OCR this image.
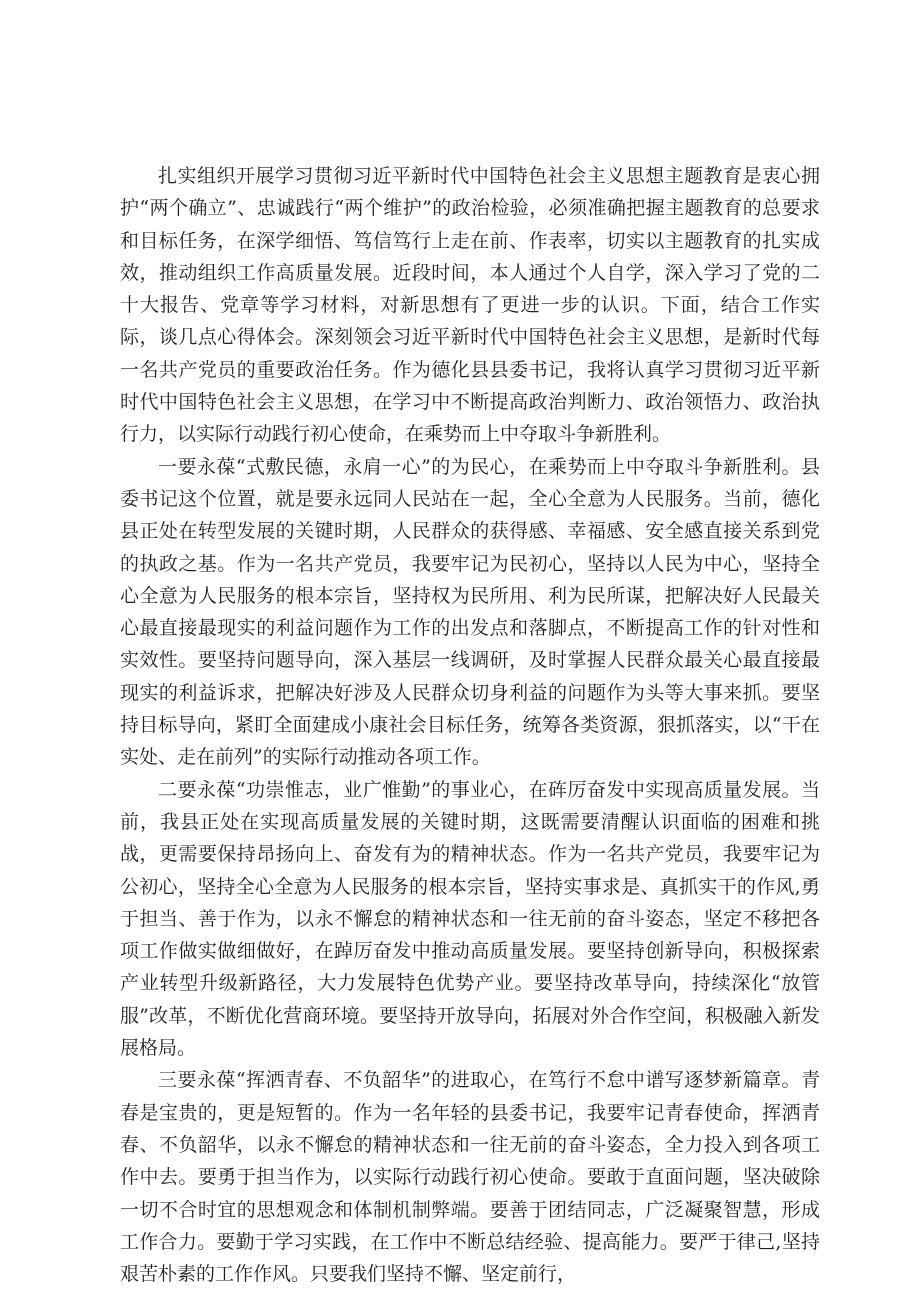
扎实组织开展学习贯彻习近平新时代中国特色社会主义思想主题教育是衷心拥护“两个确立”、忠诚践行“两个维护”的政治检验，必须准确把握主题教育的总要求和目标任务，在深学细悟、笃信笃行上走在前、作表率，切实以主题教育的扎实成效，推动组织工作高质量发展。近段时间，本人通过个人自学，深入学习了党的二十大报告、党章等学习材料，对新思想有了更进一步的认识。下面，结合工作实际，谈几点心得体会。深刻领会习近平新时代中国特色社会主义思想，是新时代每一名共产党员的重要政治任务。作为德化县县委书记，我将认真学习贯彻习近平新时代中国特色社会主义思想，在学习中不断提高政治判断力、政治领悟力、政治执行力，以实际行动践行初心使命，在乘势而上中夺取斗争新胜利。

一要永葆“式敷民德，永肩一心”的为民心，在乘势而上中夺取斗争新胜利。县委书记这个位置，就是要永远同人民站在一起，全心全意为人民服务。当前，德化县正处在转型发展的关键时期，人民群众的获得感、幸福感、安全感直接关系到党的执政之基。作为一名共产党员，我要牢记为民初心，坚持以人民为中心，坚持全心全意为人民服务的根本宗旨，坚持权为民所用、利为民所谋，把解决好人民最关心最直接最现实的利益问题作为工作的出发点和落脚点，不断提高工作的针对性和实效性。要坚持问题导向，深入基层一线调研，及时掌握人民群众最关心最直接最现实的利益诉求，把解决好涉及人民群众切身利益的问题作为头等大事来抓。要坚持目标导向，紧盯全面建成小康社会目标任务，统筹各类资源，狠抓落实，以“干在实处、走在前列”的实际行动推动各项工作。

二要永葆“功崇惟志，业广惟勤”的事业心，在砗厉奋发中实现高质量发展。当前，我县正处在实现高质量发展的关键时期，这既需要清醒认识面临的困难和挑战，更需要保持昂扬向上、奋发有为的精神状态。作为一名共产党员，我要牢记为公初心，坚持全心全意为人民服务的根本宗旨，坚持实事求是、真抓实干的作风,勇于担当、善于作为，以永不懈怠的精神状态和一往无前的奋斗姿态，坚定不移把各项工作做实做细做好，在踔厉奋发中推动高质量发展。要坚持创新导向，积极探索产业转型升级新路径，大力发展特色优势产业。要坚持改革导向，持续深化“放管服”改革，不断优化营商环境。要坚持开放导向，拓展对外合作空间，积极融入新发展格局。

三要永葆“挥洒青春、不负韶华”的进取心，在笃行不怠中谱写逐梦新篇章。青春是宝贵的，更是短暂的。作为一名年轻的县委书记，我要牢记青春使命，挥洒青春、不负韶华，以永不懈怠的精神状态和一往无前的奋斗姿态，全力投入到各项工作中去。要勇于担当作为，以实际行动践行初心使命。要敢于直面问题，坚决破除一切不合时宜的思想观念和体制机制弊端。要善于团结同志，广泛凝聚智慧，形成工作合力。要勤于学习实践，在工作中不断总结经验、提高能力。要严于律己,坚持艰苦朴素的工作作风。只要我们坚持不懈、坚定前行，
